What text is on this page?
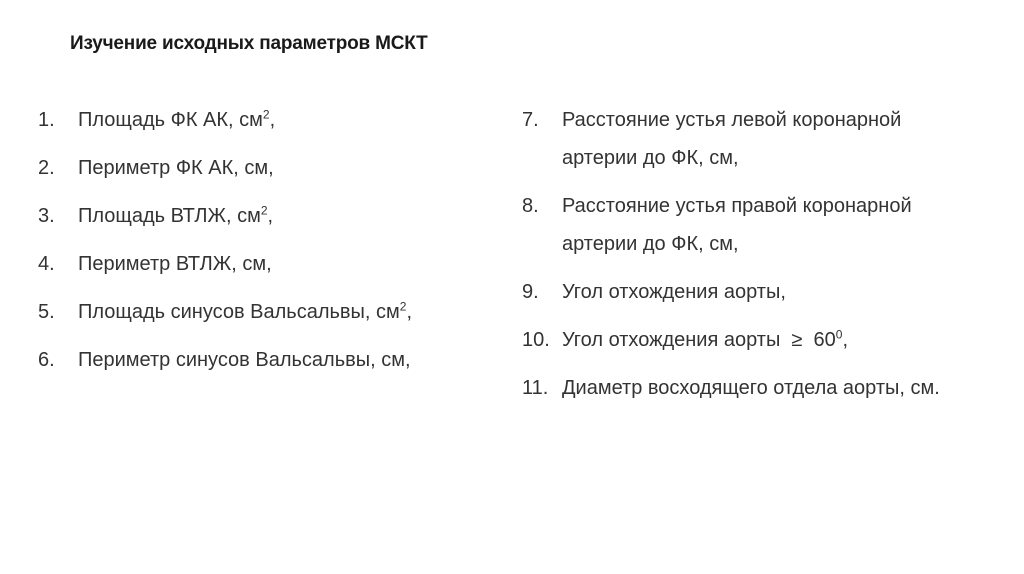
Изучение исходных параметров МСКТ
1.	Площадь ФК АК, $см^2$,
2.	Периметр ФК АК, см,
3.	Площадь ВТЛЖ, $см^2$,
4.	Периметр ВТЛЖ, см,
5.	Площадь синусов Вальсальвы, $см^2$,
6.	Периметр синусов Вальсальвы, см,
7.	Расстояние устья левой коронарной артерии до ФК, см,
8.	Расстояние устья правой коронарной артерии до ФК, см,
9.	Угол отхождения аорты,
10. Угол отхождения аорты  ≥  $60^0$,
11. Диаметр восходящего отдела аорты, см.
